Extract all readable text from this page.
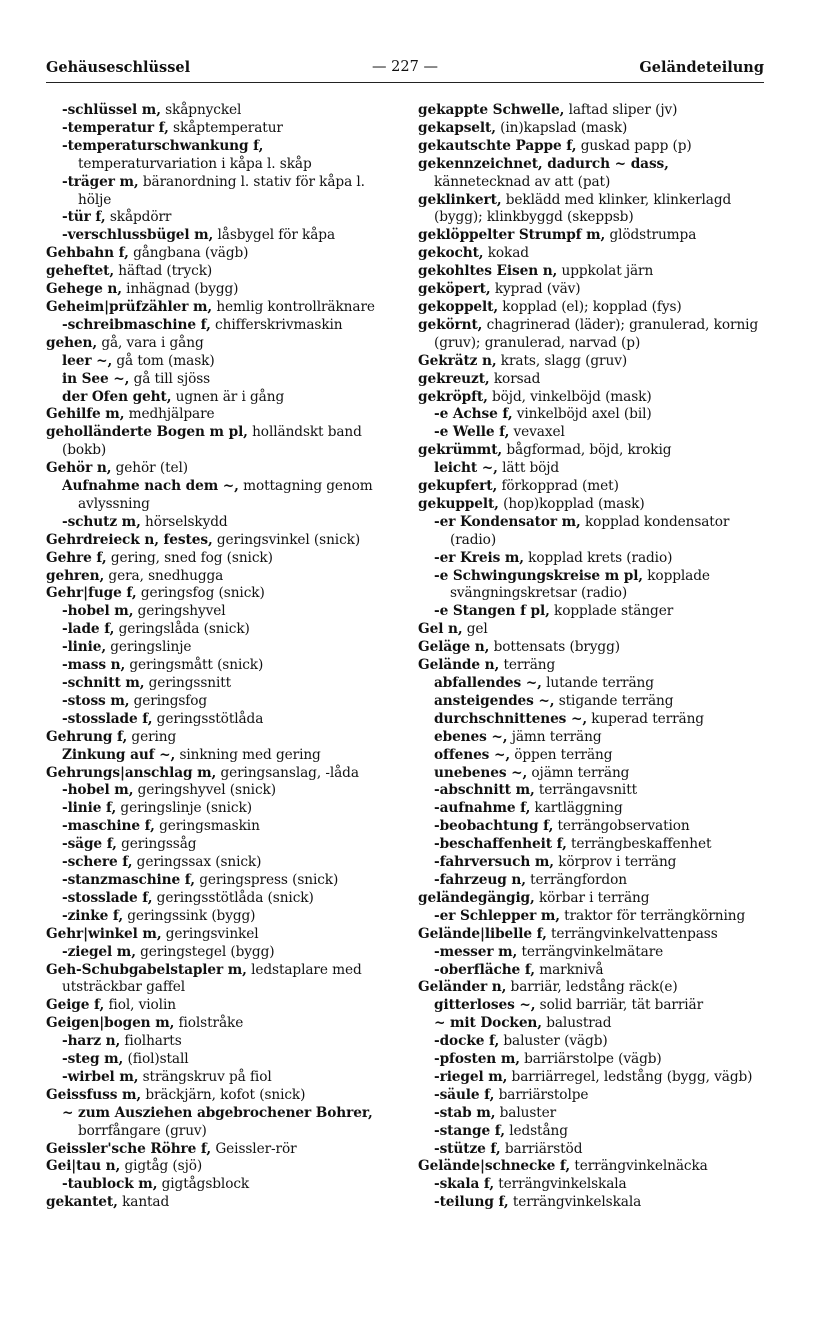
— 227 —
Gehäuseschlüssel	Geländeteilung

-schlüssel m, skåpnyckel

-temperatur f, skåptemperatur

-temperaturschwankung f, temperaturvariation i kåpa l. skåp

-träger m, bäranordning l. stativ för kåpa l. hölje

-tür f, skåpdörr

-verschlussbügel m, låsbygel för kåpa

Gehbahn f, gångbana (vägb)

geheftet, häftad (tryck)

Gehege n, inhägnad (bygg)

Geheim|prüfzähler m, hemlig kontrollräknare

-schreibmaschine f, chifferskrivmaskin

gehen, gå, vara i gång

leer ~, gå tom (mask)

in See ~, gå till sjöss

der Ofen geht, ugnen är i gång

Gehilfe m, medhjälpare

geholländerte Bogen m pl, holländskt band (bokb)

Gehör n, gehör (tel)

Aufnahme nach dem ~, mottagning genom avlyssning

-schutz m, hörselskydd

Gehrdreieck n, festes, geringsvinkel (snick)

Gehre f, gering, sned fog (snick)

gehren, gera, snedhugga

Gehr|fuge f, geringsfog (snick)

-hobel m, geringshyvel

-lade f, geringslåda (snick)

-linie, geringslinje

-mass n, geringsmått (snick)

-schnitt m, geringssnitt

-stoss m, geringsfog

-stosslade f, geringsstötlåda

Gehrung f, gering

Zinkung auf ~, sinkning med gering

Gehrungs|anschlag m, geringsanslag, -låda

-hobel m, geringshyvel (snick)

-linie f, geringslinje (snick)

-maschine f, geringsmaskin

-säge f, geringssåg

-schere f, geringssax (snick)

-stanzmaschine f, geringspress (snick)

-stosslade f, geringsstötlåda (snick)

-zinke f, geringssink (bygg)

Gehr|winkel m, geringsvinkel

-ziegel m, geringstegel (bygg)

Geh-Schubgabelstapler m, ledstaplare med utsträckbar gaffel

Geige f, fiol, violin

Geigen|bogen m, fiolstråke

-harz n, fiolharts

-steg m, (fiol)stall

-wirbel m, strängskruv på fiol

Geissfuss m, bräckjärn, kofot (snick)

~ zum Ausziehen abgebrochener Bohrer, borrfångare (gruv)

Geissler'sche Röhre f, Geissler-rör

Gei|tau n, gigtåg (sjö)

-taublock m, gigtågsblock

gekantet, kantad

gekappte Schwelle, laftad sliper (jv)

gekapselt, (in)kapslad (mask)

gekautschte Pappe f, guskad papp (p)

gekennzeichnet, dadurch ~ dass, kännetecknad av att (pat)

geklinkert, beklädd med klinker, klinkerlagd (bygg); klinkbyggd (skeppsb)

geklöppelter Strumpf m, glödstrumpa

gekocht, kokad

gekohltes Eisen n, uppkolat järn

geköpert, kyprad (väv)

gekoppelt, kopplad (el); kopplad (fys)

gekörnt, chagrinerad (läder); granulerad, kornig (gruv); granulerad, narvad (p)

Gekrätz n, krats, slagg (gruv)

gekreuzt, korsad

gekröpft, böjd, vinkelböjd (mask)

-e Achse f, vinkelböjd axel (bil)

-e Welle f, vevaxel

gekrümmt, bågformad, böjd, krokig

leicht ~, lätt böjd

gekupfert, förkopprad (met)

gekuppelt, (hop)kopplad (mask)

-er Kondensator m, kopplad kondensator (radio)

-er Kreis m, kopplad krets (radio)

-e Schwingungskreise m pl, kopplade svängningskretsar (radio)

-e Stangen f pl, kopplade stänger

Gel n, gel

Geläge n, bottensats (brygg)

Gelände n, terräng

abfallendes ~, lutande terräng

ansteigendes ~, stigande terräng

durchschnittenes ~, kuperad terräng

ebenes ~, jämn terräng

offenes ~, öppen terräng

unebenes ~, ojämn terräng

-abschnitt m, terrängavsnitt

-aufnahme f, kartläggning

-beobachtung f, terrängobservation

-beschaffenheit f, terrängbeskaffenhet

-fahrversuch m, körprov i terräng

-fahrzeug n, terrängfordon

geländegängig, körbar i terräng

-er Schlepper m, traktor för terrängkörning

Gelände|libelle f, terrängvinkelvattenpass

-messer m, terrängvinkelmätare

-oberfläche f, marknivå

Geländer n, barriär, ledstång räck(e)

gitterloses ~, solid barriär, tät barriär

~ mit Docken, balustrad

-docke f, baluster (vägb)

-pfosten m, barriärstolpe (vägb)

-riegel m, barriärregel, ledstång (bygg, vägb)

-säule f, barriärstolpe

-stab m, baluster

-stange f, ledstång

-stütze f, barriärstöd

Gelände|schnecke f, terrängvinkelnäcka

-skala f, terrängvinkelskala

-teilung f, terrängvinkelskala
